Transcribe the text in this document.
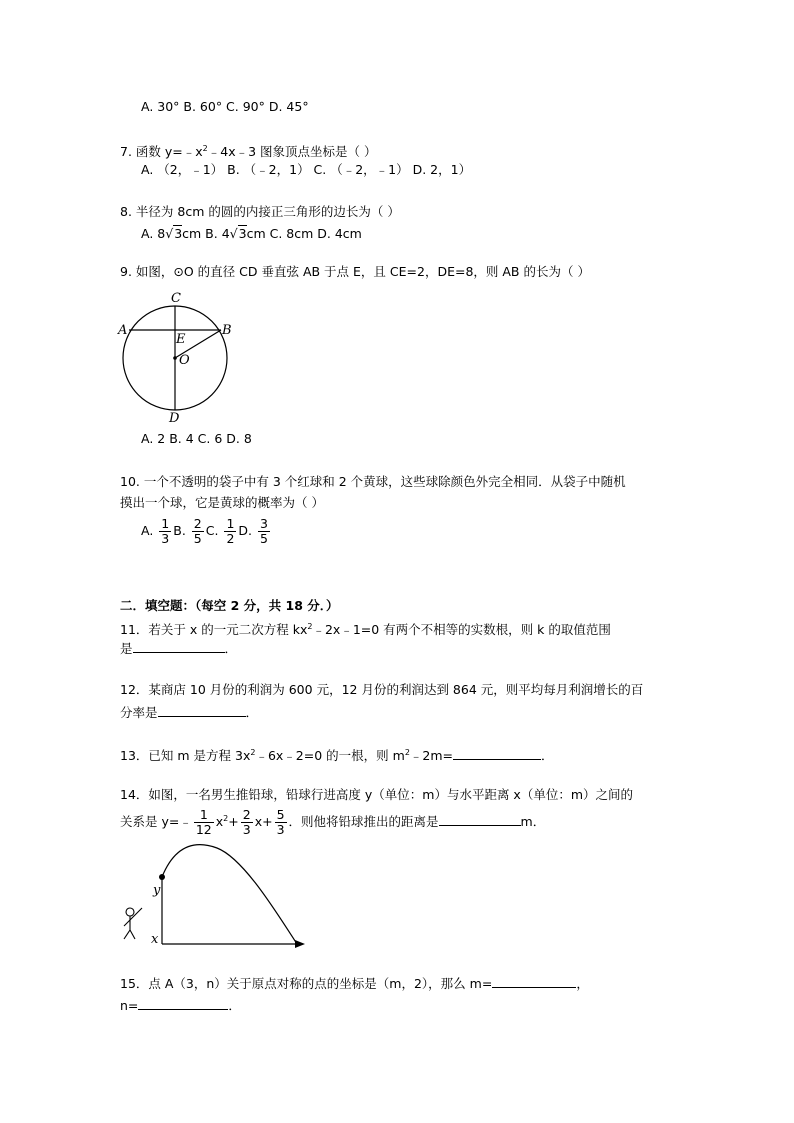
A. 30° B. 60° C. 90° D. 45°
7. 函数 $y=﹣x^2﹣4x﹣3$ 图象顶点坐标是（ ）
A. （2，﹣1） B. （﹣2，1） C. （﹣2，﹣1） D. 2，1）
8. 半径为 8cm 的圆的内接正三角形的边长为（ ）
A. 8√3cm B. 4√3cm C. 8cm D. 4cm
9. 如图，⊙O 的直径 CD 垂直弦 AB 于点 E，且 CE=2，DE=8，则 AB 的长为（ ）
C
A	B
E
O
D
A. 2 B. 4 C. 6 D. 8
10. 一个不透明的袋子中有 3 个红球和 2 个黄球，这些球除颜色外完全相同．从袋子中随机
摸出一个球，它是黄球的概率为（ ）
A. $\frac{1}{3} B$. $\frac{2}{5} C$. $\frac{1}{2} D$. $\frac{3}{5}$
二．填空题：（每空 2 分，共 18 分．）
11．若关于 x 的一元二次方程 $kx^2﹣2x﹣1=0$ 有两个不相等的实数根，则 k 的取值范围
是	．
12．某商店 10 月份的利润为 600 元，12 月份的利润达到 864 元，则平均每月利润增长的百
分率是	．
13．已知 m 是方程 $3x^2﹣6x﹣2=0$ 的一根，则 $m^2﹣2m=$	．
14．如图，一名男生推铅球，铅球行进高度 y（单位：m）与水平距离 x（单位：m）之间的
关系是 y=﹣ $\frac{1}{12} x^2+ \frac{2}{3} x+ \frac{5}{3}$ ．则他将铅球推出的距离是	m．
y
x
15．点 A（3，n）关于原点对称的点的坐标是（m，2），那么 m=	，
n=	．
